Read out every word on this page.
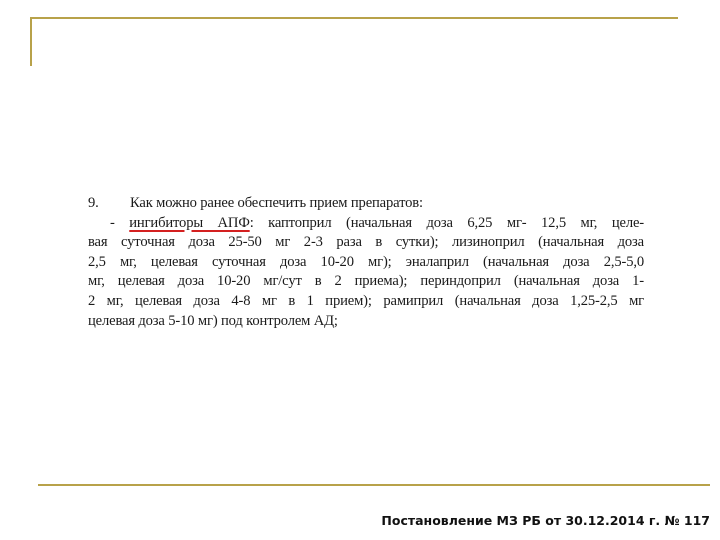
9. Как можно ранее обеспечить прием препаратов:
- ингибиторы АПФ: каптоприл (начальная доза 6,25 мг- 12,5 мг, целе-
вая суточная доза 25-50 мг 2-3 раза в сутки); лизиноприл (начальная доза
2,5 мг, целевая суточная доза 10-20 мг); эналаприл (начальная доза 2,5-5,0
мг, целевая доза 10-20 мг/сут в 2 приема); периндоприл (начальная доза 1-
2 мг, целевая доза 4-8 мг в 1 прием); рамиприл (начальная доза 1,25-2,5 мг
целевая доза 5-10 мг) под контролем АД;
Постановление МЗ РБ от 30.12.2014 г. № 117
